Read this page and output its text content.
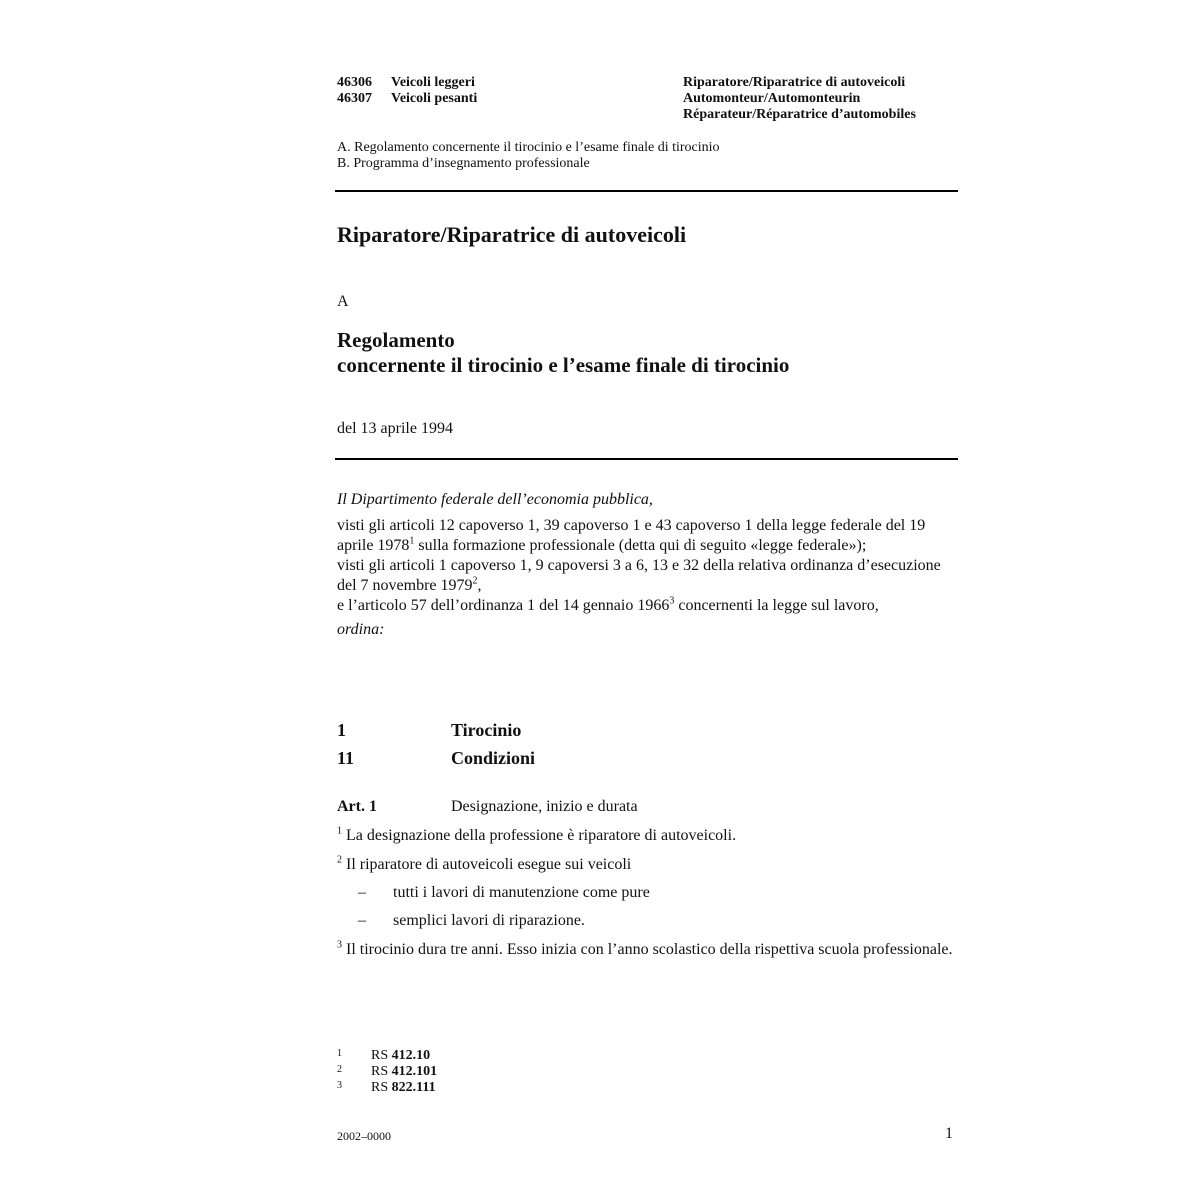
46306 Veicoli leggeri
46307 Veicoli pesanti
Riparatore/Riparatrice di autoveicoli
Automonteur/Automonteurin
Réparateur/Réparatrice d’automobiles
A. Regolamento concernente il tirocinio e l’esame finale di tirocinio
B. Programma d’insegnamento professionale
Riparatore/Riparatrice di autoveicoli
A
Regolamento
concernente il tirocinio e l’esame finale di tirocinio
del 13 aprile 1994
Il Dipartimento federale dell’economia pubblica,
visti gli articoli 12 capoverso 1, 39 capoverso 1 e 43 capoverso 1 della legge federale del 19 aprile 1978$^1$ sulla formazione professionale (detta qui di seguito «legge federale»);
visti gli articoli 1 capoverso 1, 9 capoversi 3 a 6, 13 e 32 della relativa ordinanza d’esecuzione del 7 novembre 1979$^2$,
e l’articolo 57 dell’ordinanza 1 del 14 gennaio 1966$^3$ concernenti la legge sul lavoro,
ordina:
1	Tirocinio
11	Condizioni
Art. 1	Designazione, inizio e durata
$^1$ La designazione della professione è riparatore di autoveicoli.
$^2$ Il riparatore di autoveicoli esegue sui veicoli
– tutti i lavori di manutenzione come pure
– semplici lavori di riparazione.
$^3$ Il tirocinio dura tre anni. Esso inizia con l’anno scolastico della rispettiva scuola professionale.
1 RS 412.10
2 RS 412.101
3 RS 822.111
2002–0000	1
